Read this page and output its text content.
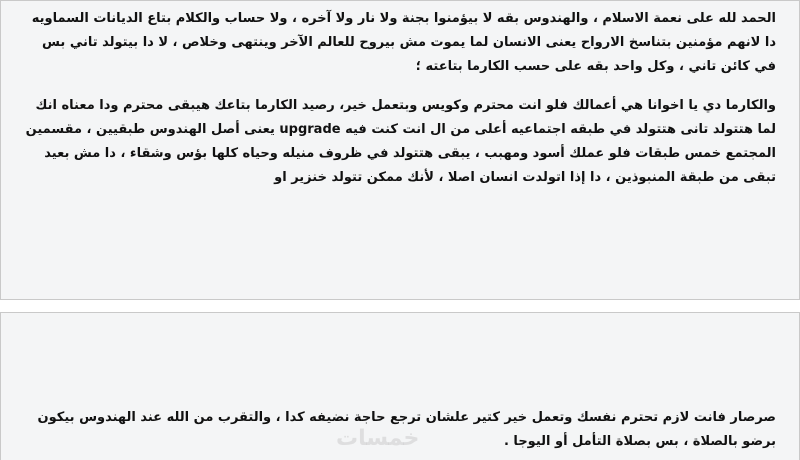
الحمد لله على نعمة الاسلام ، والهندوس بقه لا بيؤمنوا بجنة ولا نار ولا آخره ، ولا حساب والكلام بتاع الديانات السماويه دا لانهم مؤمنين بتناسخ الارواح يعنى الانسان لما يموت مش بيروح للعالم الآخر وينتهى وخلاص ، لا دا بيتولد تاني بس في كائن تاني ، وكل واحد بقه على حسب الكارما بتاعته ؛

والكارما دي يا اخوانا هي أعمالك فلو انت محترم وكويس وبتعمل خير، رصيد الكارما بتاعك هيبقى محترم ودا معناه انك لما هتتولد تانى هتتولد في طبقه اجتماعيه أعلى من ال انت كنت فيه upgrade يعنى أصل الهندوس طبقيين ، مقسمين المجتمع خمس طبقات فلو عملك أسود ومهبب ، يبقى هتتولد في ظروف منيله وحياه كلها بؤس وشقاء ، دا مش بعيد تبقى من طبقة المنبوذين ، دا إذا اتولدت انسان اصلا ، لأنك ممكن تتولد خنزير او

صرصار فانت لازم تحترم نفسك وتعمل خير كتير علشان ترجع حاجة نضيفه كدا ، والتقرب من الله عند الهندوس بيكون برضو بالصلاة ، بس بصلاة التأمل أو اليوجا .

خمسات
